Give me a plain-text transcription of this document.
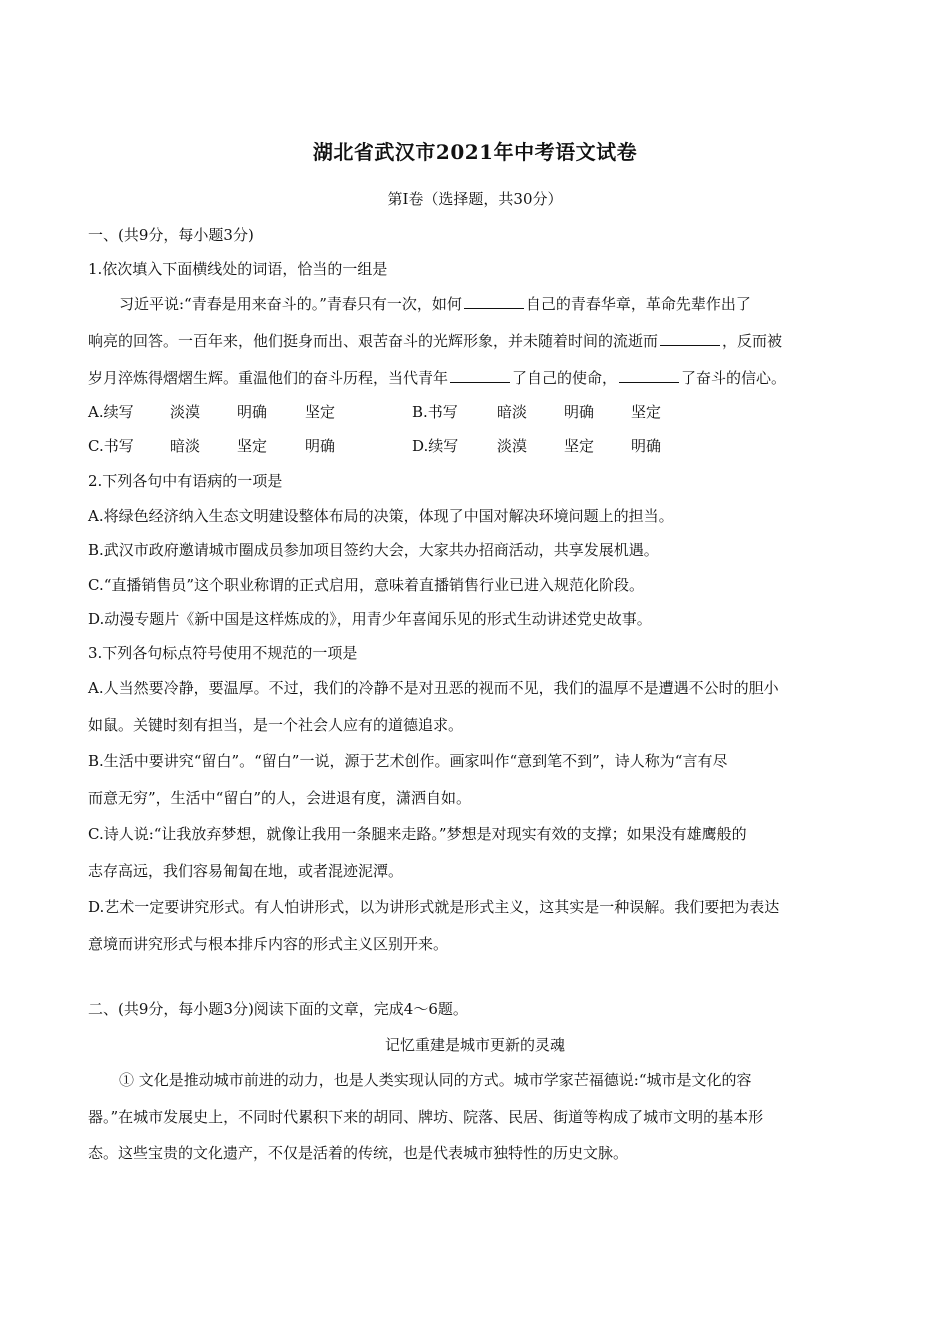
湖北省武汉市2021年中考语文试卷
第Ⅰ卷（选择题，共30分）
一、(共9分，每小题3分)
1.依次填入下面横线处的词语，恰当的一组是
习近平说:“青春是用来奋斗的。”青春只有一次，如何	自己的青春华章，革命先辈作出了
响亮的回答。一百年来，他们挺身而出、艰苦奋斗的光辉形象，并未随着时间的流逝而	，反而被
岁月淬炼得熠熠生辉。重温他们的奋斗历程，当代青年	了自己的使命，	了奋斗的信心。
A.续写 淡漠 明确	坚定	B.书写	暗淡 明确 坚定
C.书写 暗淡 坚定	明确	D.续写	淡漠 坚定 明确
2.下列各句中有语病的一项是
A.将绿色经济纳入生态文明建设整体布局的决策，体现了中国对解决环境问题上的担当。
B.武汉市政府邀请城市圈成员参加项目签约大会，大家共办招商活动，共享发展机遇。
C.“直播销售员”这个职业称谓的正式启用，意味着直播销售行业已进入规范化阶段。
D.动漫专题片《新中国是这样炼成的》，用青少年喜闻乐见的形式生动讲述党史故事。
3.下列各句标点符号使用不规范的一项是
A.人当然要冷静，要温厚。不过，我们的冷静不是对丑恶的视而不见，我们的温厚不是遭遇不公时的胆小
如鼠。关键时刻有担当，是一个社会人应有的道德追求。
B.生活中要讲究“留白”。“留白”一说，源于艺术创作。画家叫作“意到笔不到”，诗人称为“言有尽
而意无穷”，生活中“留白”的人，会进退有度，潇洒自如。
C.诗人说:“让我放弃梦想，就像让我用一条腿来走路。”梦想是对现实有效的支撑；如果没有雄鹰般的
志存高远，我们容易匍匐在地，或者混迹泥潭。
D.艺术一定要讲究形式。有人怕讲形式，以为讲形式就是形式主义，这其实是一种误解。我们要把为表达
意境而讲究形式与根本排斥内容的形式主义区别开来。
二、(共9分，每小题3分)阅读下面的文章，完成4～6题。
记忆重建是城市更新的灵魂
① 文化是推动城市前进的动力，也是人类实现认同的方式。城市学家芒福德说:“城市是文化的容
器。”在城市发展史上，不同时代累积下来的胡同、牌坊、院落、民居、街道等构成了城市文明的基本形
态。这些宝贵的文化遗产，不仅是活着的传统，也是代表城市独特性的历史文脉。
